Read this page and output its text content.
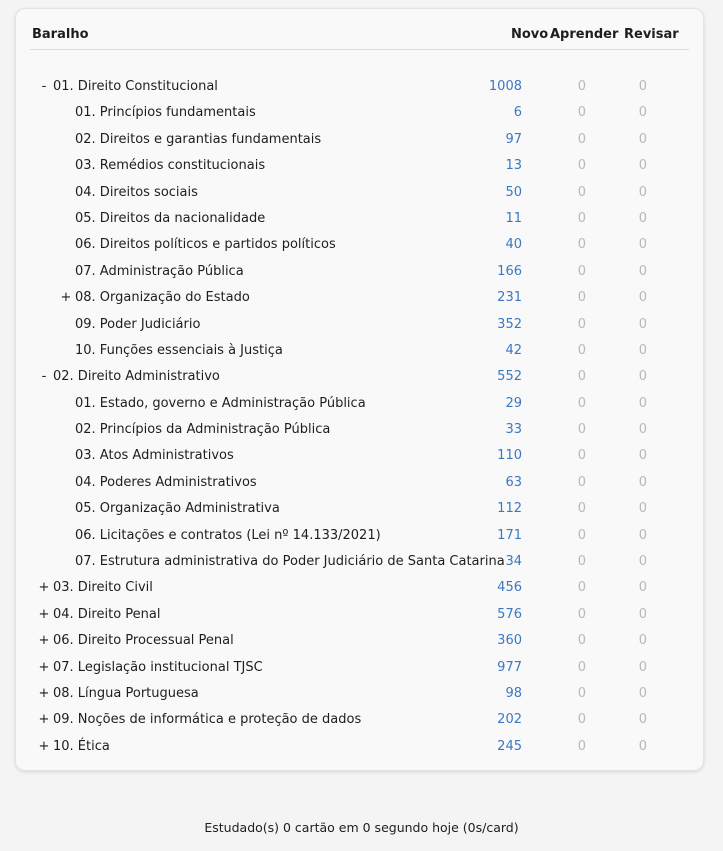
Baralho	Novo Aprender Revisar
- 01. Direito Constitucional	1008	0	0
01. Princípios fundamentais	6	0	0
02. Direitos e garantias fundamentais	97	0	0
03. Remédios constitucionais	13	0	0
04. Direitos sociais	50	0	0
05. Direitos da nacionalidade	11	0	0
06. Direitos políticos e partidos políticos	40	0	0
07. Administração Pública	166	0	0
+ 08. Organização do Estado	231	0	0
09. Poder Judiciário	352	0	0
10. Funções essenciais à Justiça	42	0	0
- 02. Direito Administrativo	552	0	0
01. Estado, governo e Administração Pública	29	0	0
02. Princípios da Administração Pública	33	0	0
03. Atos Administrativos	110	0	0
04. Poderes Administrativos	63	0	0
05. Organização Administrativa	112	0	0
06. Licitações e contratos (Lei nº 14.133/2021)	171	0	0
07. Estrutura administrativa do Poder Judiciário de Santa Catarina 34	0	0
+ 03. Direito Civil	456	0	0
+ 04. Direito Penal	576	0	0
+ 06. Direito Processual Penal	360	0	0
+ 07. Legislação institucional TJSC	977	0	0
+ 08. Língua Portuguesa	98	0	0
+ 09. Noções de informática e proteção de dados	202	0	0
+ 10. Ética	245	0	0
Estudado(s) 0 cartão em 0 segundo hoje (0s/card)
